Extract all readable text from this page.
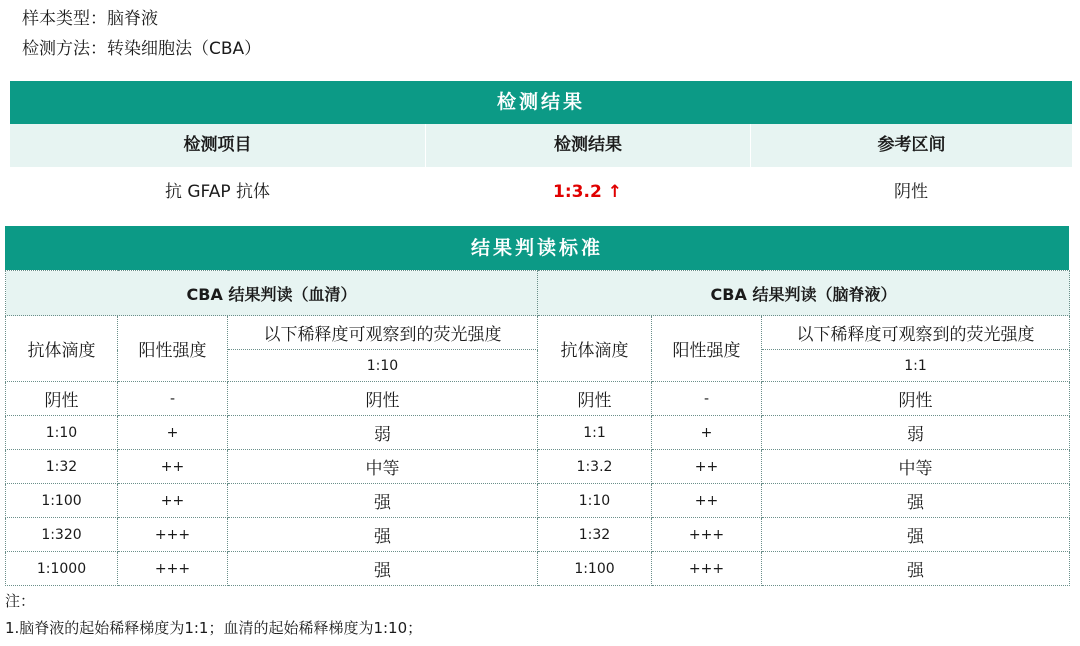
样本类型：脑脊液
检测方法：转染细胞法（CBA）
检测结果
检测项目	检测结果	参考区间
抗 GFAP 抗体	1:3.2 ↑	阴性
结果判读标准
CBA 结果判读（血清）			CBA 结果判读（脑脊液）		
抗体滴度	阳性强度	以下稀释度可观察到的荧光强度	抗体滴度	阳性强度	以下稀释度可观察到的荧光强度
		1:10			1:1
阴性	-	阴性	阴性	-	阴性
1:10	+	弱	1:1	+	弱
1:32	++	中等	1:3.2	++	中等
1:100	++	强	1:10	++	强
1:320	+++	强	1:32	+++	强
1:1000	+++	强	1:100	+++	强
注：
1.脑脊液的起始稀释梯度为1:1；血清的起始稀释梯度为1:10；
